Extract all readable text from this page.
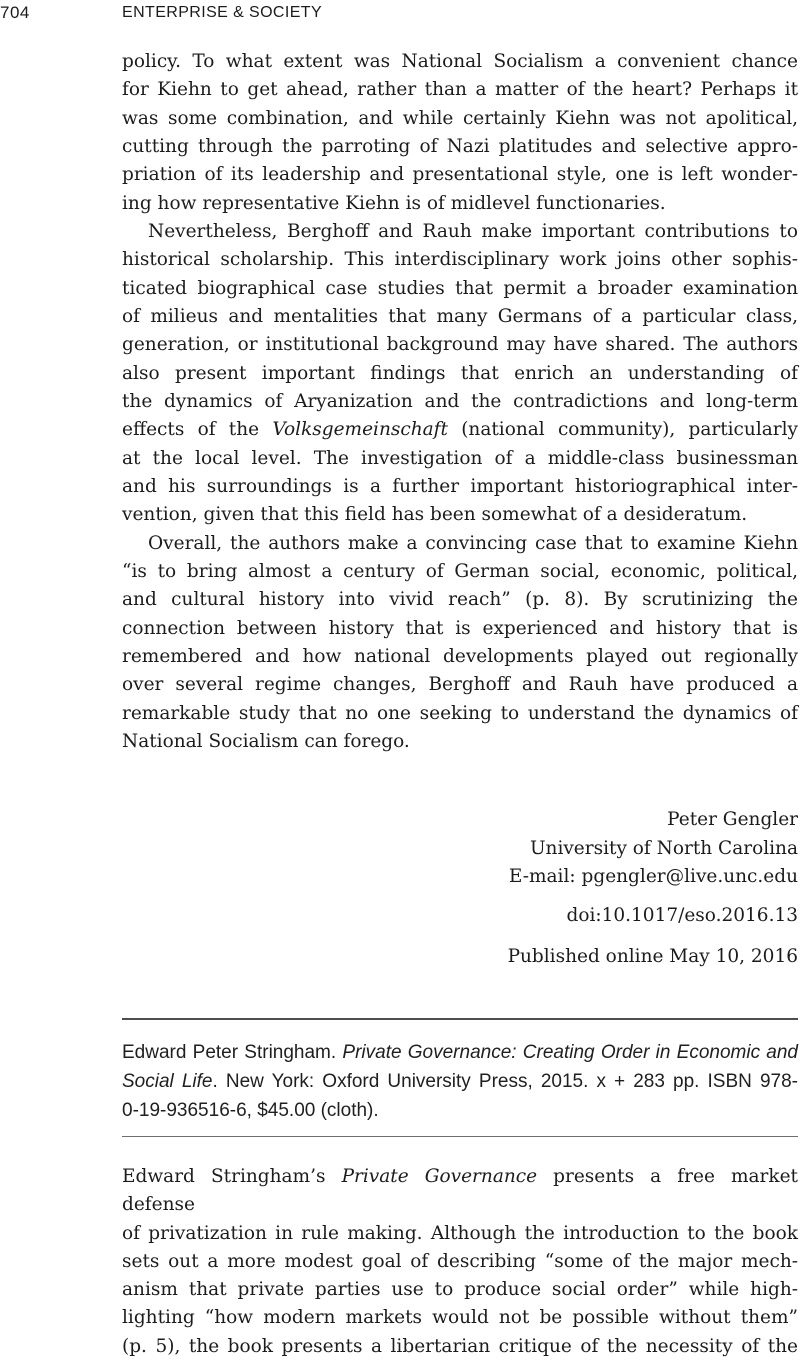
704	ENTERPRISE & SOCIETY
policy. To what extent was National Socialism a convenient chance
for Kiehn to get ahead, rather than a matter of the heart? Perhaps it
was some combination, and while certainly Kiehn was not apolitical,
cutting through the parroting of Nazi platitudes and selective appro-
priation of its leadership and presentational style, one is left wonder-
ing how representative Kiehn is of midlevel functionaries.
Nevertheless, Berghoff and Rauh make important contributions to
historical scholarship. This interdisciplinary work joins other sophis-
ticated biographical case studies that permit a broader examination
of milieus and mentalities that many Germans of a particular class,
generation, or institutional background may have shared. The authors
also present important findings that enrich an understanding of
the dynamics of Aryanization and the contradictions and long-term
effects of the Volksgemeinschaft (national community), particularly
at the local level. The investigation of a middle-class businessman
and his surroundings is a further important historiographical inter-
vention, given that this field has been somewhat of a desideratum.
Overall, the authors make a convincing case that to examine Kiehn
“is to bring almost a century of German social, economic, political,
and cultural history into vivid reach” (p. 8). By scrutinizing the
connection between history that is experienced and history that is
remembered and how national developments played out regionally
over several regime changes, Berghoff and Rauh have produced a
remarkable study that no one seeking to understand the dynamics of
National Socialism can forego.
Peter Gengler
University of North Carolina
E-mail: pgengler@live.unc.edu
doi:10.1017/eso.2016.13
Published online May 10, 2016
Edward Peter Stringham. Private Governance: Creating Order in Economic and
Social Life. New York: Oxford University Press, 2015. x + 283 pp. ISBN 978-
0-19-936516-6, $45.00 (cloth).
Edward Stringham’s Private Governance presents a free market defense
of privatization in rule making. Although the introduction to the book
sets out a more modest goal of describing “some of the major mech-
anism that private parties use to produce social order” while high-
lighting “how modern markets would not be possible without them”
(p. 5), the book presents a libertarian critique of the necessity of the
